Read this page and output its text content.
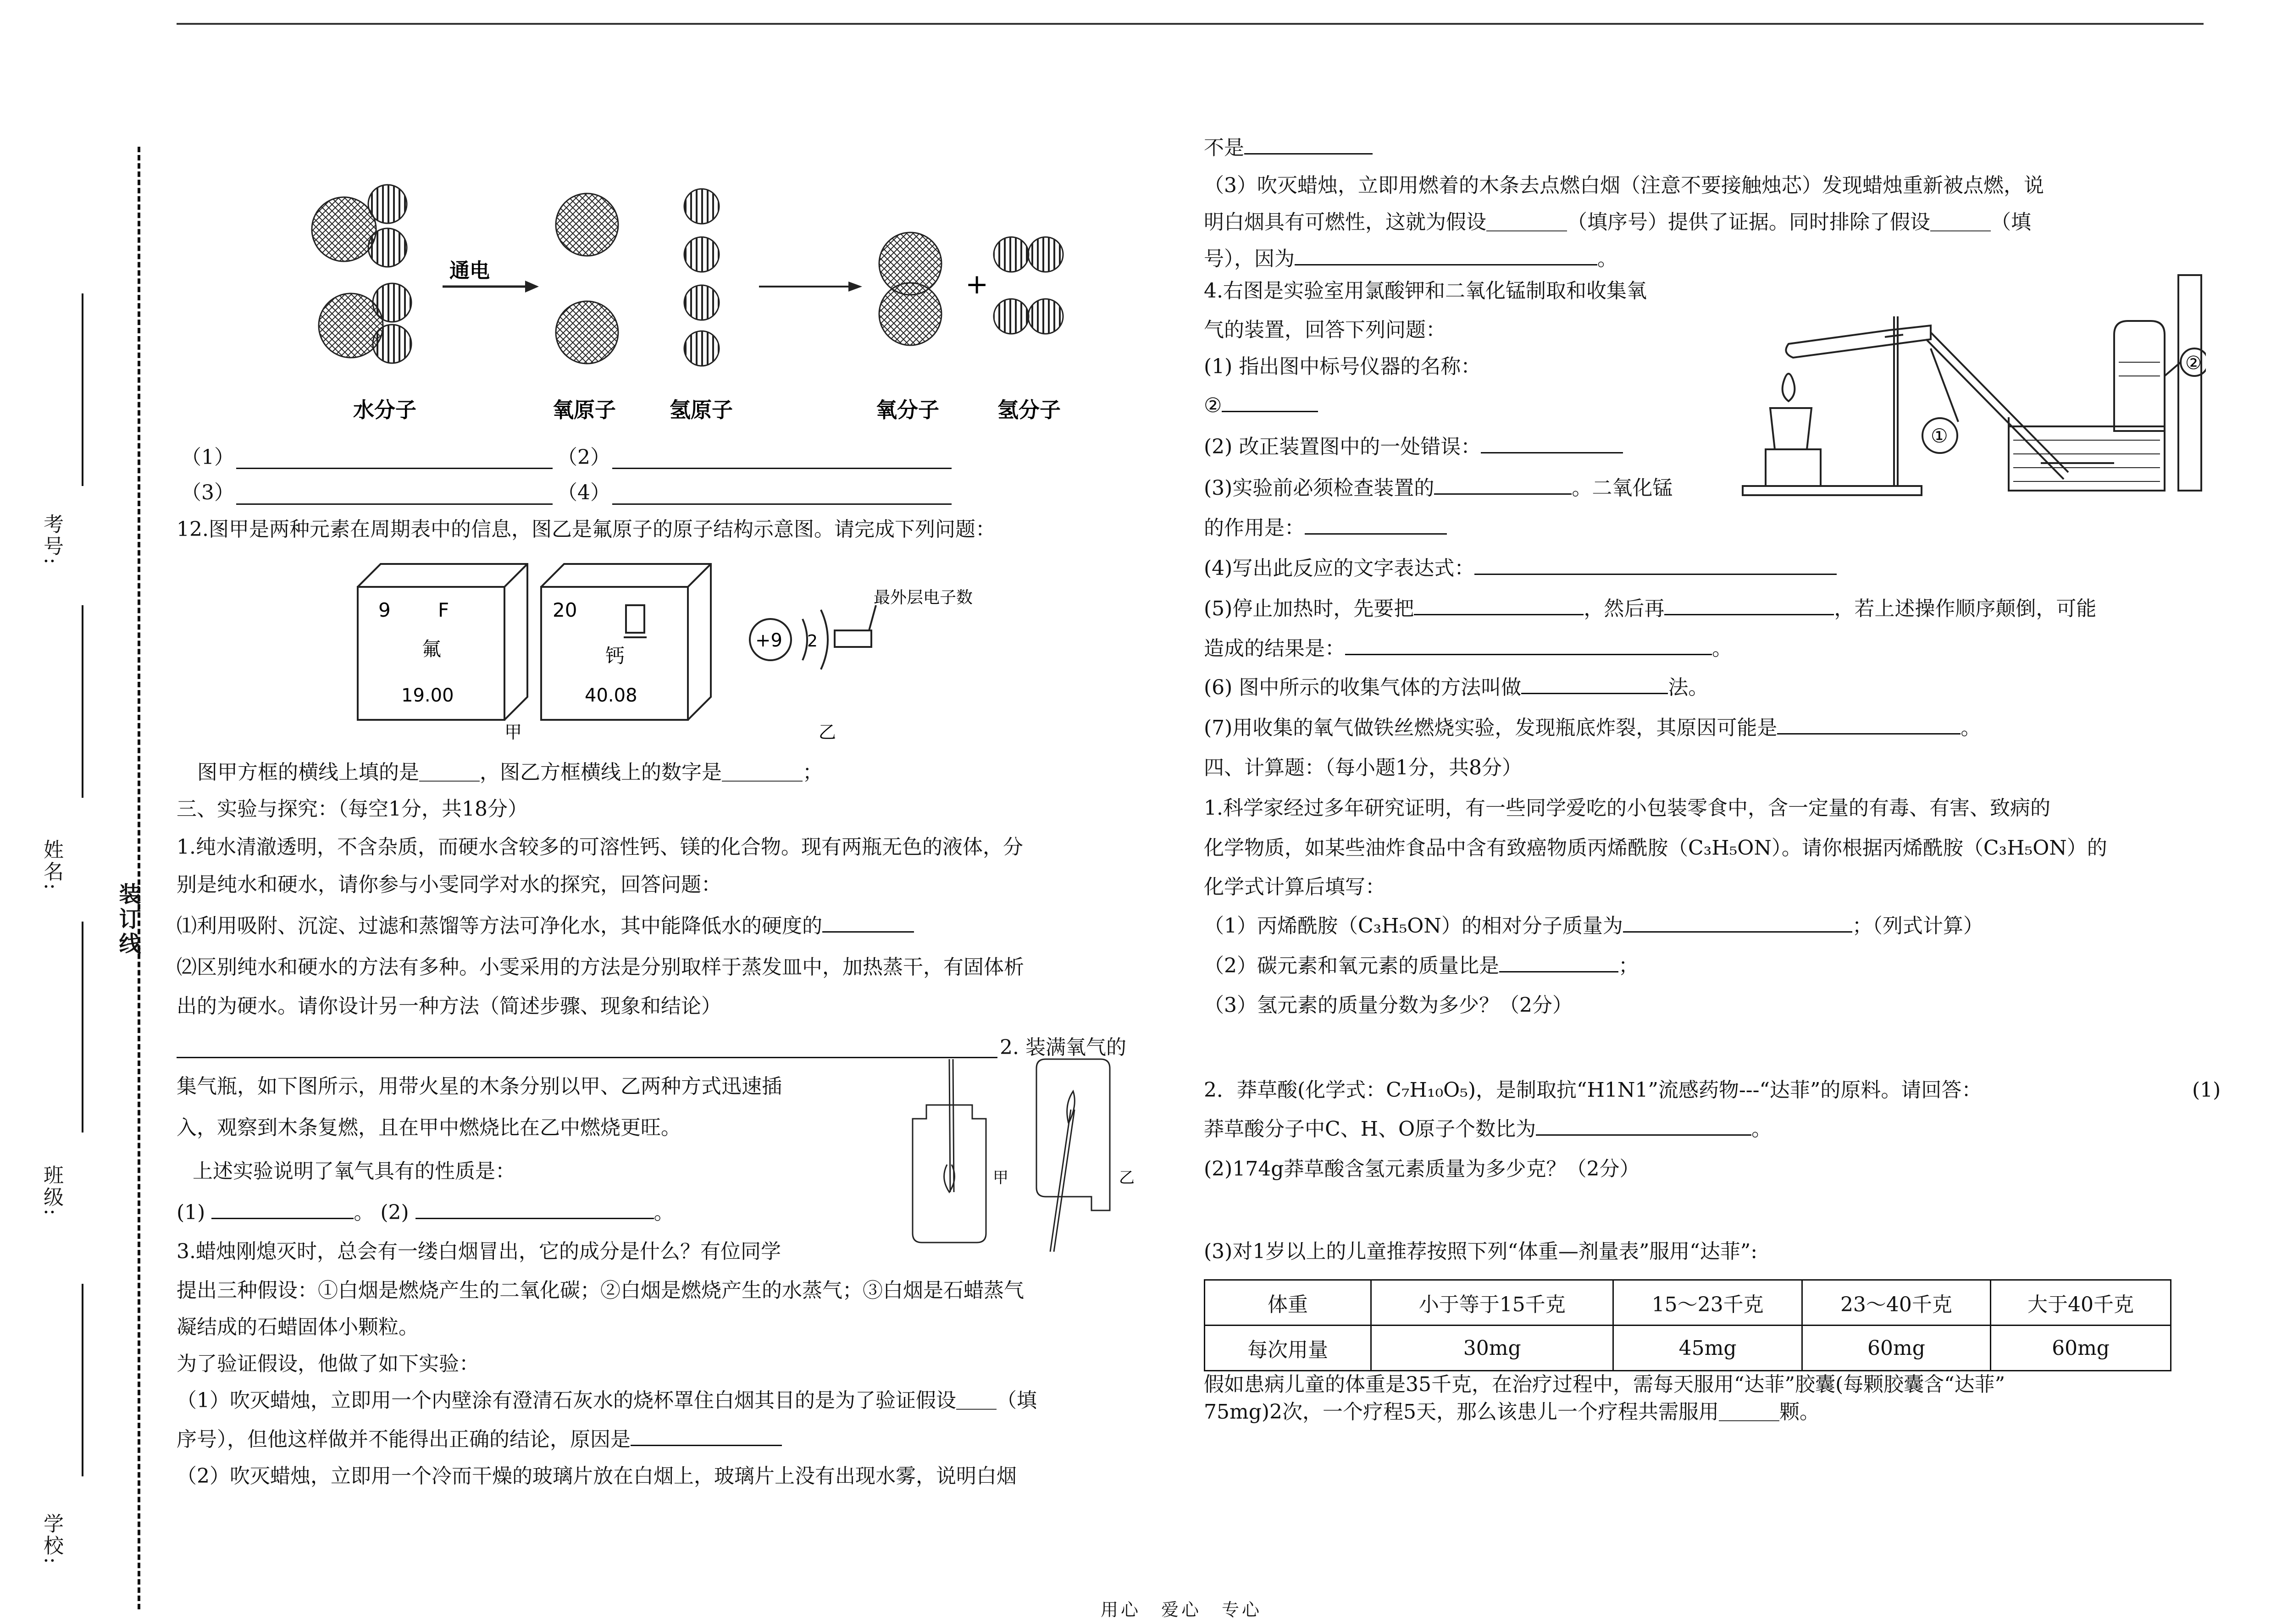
考号:
姓名:
班级:
学校:
装订线
通电	+
水分子	氧原子	氢原子	氧分子	氢分子
（1）	（2）
（3）	（4）
12.图甲是两种元素在周期表中的信息，图乙是氟原子的原子结构示意图。请完成下列问题：
9 F
氟
19.00
20
钙
40.08
+9 2
最外层电子数
甲	乙
图甲方框的横线上填的是＿＿＿，图乙方框横线上的数字是＿＿＿＿；
三、实验与探究：（每空1分，共18分）
1.纯水清澈透明，不含杂质，而硬水含较多的可溶性钙、镁的化合物。现有两瓶无色的液体，分
别是纯水和硬水，请你参与小雯同学对水的探究，回答问题：
⑴利用吸附、沉淀、过滤和蒸馏等方法可净化水，其中能降低水的硬度的
⑵区别纯水和硬水的方法有多种。小雯采用的方法是分别取样于蒸发皿中，加热蒸干，有固体析
出的为硬水。请你设计另一种方法（简述步骤、现象和结论）
2. 装满氧气的
集气瓶，如下图所示，用带火星的木条分别以甲、乙两种方式迅速插
入，观察到木条复燃，且在甲中燃烧比在乙中燃烧更旺。
上述实验说明了氧气具有的性质是：
(1)	。 (2)	。
甲	乙
3.蜡烛刚熄灭时，总会有一缕白烟冒出，它的成分是什么？有位同学
提出三种假设：①白烟是燃烧产生的二氧化碳；②白烟是燃烧产生的水蒸气；③白烟是石蜡蒸气
凝结成的石蜡固体小颗粒。
为了验证假设，他做了如下实验：
（1）吹灭蜡烛，立即用一个内壁涂有澄清石灰水的烧杯罩住白烟其目的是为了验证假设＿＿（填
序号），但他这样做并不能得出正确的结论，原因是
（2）吹灭蜡烛，立即用一个冷而干燥的玻璃片放在白烟上，玻璃片上没有出现水雾，说明白烟
不是
（3）吹灭蜡烛，立即用燃着的木条去点燃白烟（注意不要接触烛芯）发现蜡烛重新被点燃，说
明白烟具有可燃性，这就为假设＿＿＿＿（填序号）提供了证据。同时排除了假设＿＿＿（填
号），因为	。
4.右图是实验室用氯酸钾和二氧化锰制取和收集氧
气的装置，回答下列问题：
(1) 指出图中标号仪器的名称：
②
(2) 改正装置图中的一处错误：
(3)实验前必须检查装置的	。二氧化锰
的作用是：
①
②
(4)写出此反应的文字表达式：
(5)停止加热时，先要把	，然后再	，若上述操作顺序颠倒，可能
造成的结果是：	。
(6) 图中所示的收集气体的方法叫做	法。
(7)用收集的氧气做铁丝燃烧实验，发现瓶底炸裂，其原因可能是	。
四、计算题：（每小题1分，共8分）
1.科学家经过多年研究证明，有一些同学爱吃的小包装零食中，含一定量的有毒、有害、致病的
化学物质，如某些油炸食品中含有致癌物质丙烯酰胺（C₃H₅ON）。请你根据丙烯酰胺（C₃H₅ON）的
化学式计算后填写：
（1）丙烯酰胺（C₃H₅ON）的相对分子质量为	；（列式计算）
（2）碳元素和氧元素的质量比是	；
（3）氢元素的质量分数为多少？（2分）
2．莽草酸(化学式：C₇H₁₀O₅)，是制取抗“H1N1”流感药物---“达菲”的原料。请回答：	(1)
莽草酸分子中C、H、O原子个数比为	。
(2)174g莽草酸含氢元素质量为多少克？（2分）
(3)对1岁以上的儿童推荐按照下列“体重—剂量表”服用“达菲”:
体重	小于等于15千克	15～23千克	23～40千克	大于40千克
每次用量	30mg	45mg	60mg	60mg
假如患病儿童的体重是35千克，在治疗过程中，需每天服用“达菲”胶囊(每颗胶囊含“达菲”
75mg)2次，一个疗程5天，那么该患儿一个疗程共需服用＿＿＿颗。
用心　爱心　专心
